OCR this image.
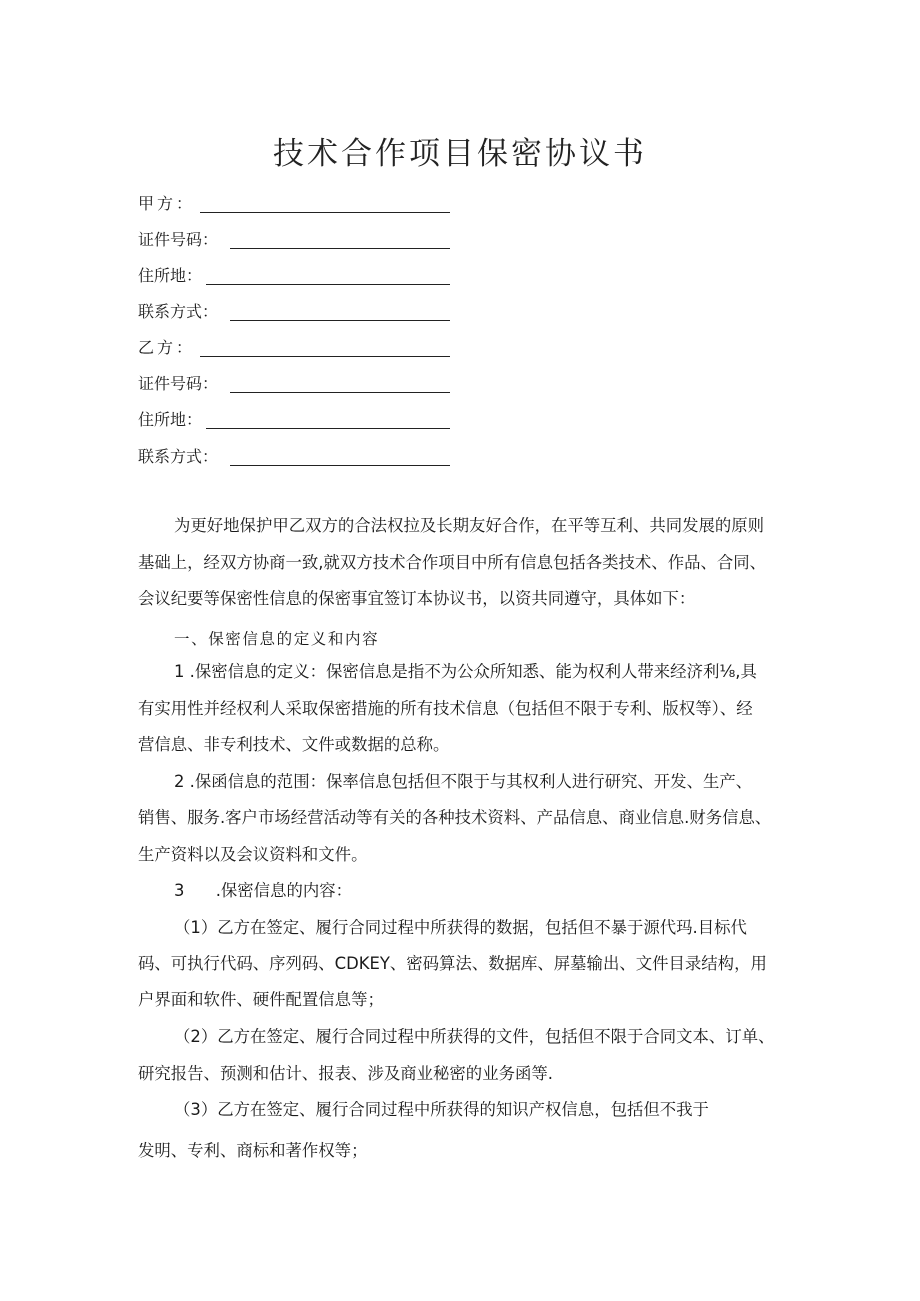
技术合作项目保密协议书
甲方：
证件号码：
住所地：
联系方式：
乙方：
证件号码：
住所地：
联系方式：
为更好地保护甲乙双方的合法权拉及长期友好合作，在平等互利、共同发展的原则
基础上，经双方协商一致,就双方技术合作项目中所有信息包括各类技术、作品、合同、
会议纪要等保密性信息的保密事宜签订本协议书，以资共同遵守，具体如下：
一、保密信息的定义和内容
1 .保密信息的定义：保密信息是指不为公众所知悉、能为权利人带来经济利⅛,具
有实用性并经权利人采取保密措施的所有技术信息（包括但不限于专利、版权等）、经
营信息、非专利技术、文件或数据的总称。
2 .保函信息的范围：保率信息包括但不限于与其权利人进行研究、开发、生产、
销售、服务.客户市场经营活动等有关的各种技术资料、产品信息、商业信息.财务信息、
生产资料以及会议资料和文件。
3      .保密信息的内容：
（1）乙方在签定、履行合同过程中所获得的数据，包括但不暴于源代玛.目标代
码、可执行代码、序列码、CDKEY、密码算法、数据库、屏墓输出、文件目录结构，用
户界面和软件、硬件配置信息等；
（2）乙方在签定、履行合同过程中所获得的文件，包括但不限于合同文本、订单、
研究报告、预测和估计、报表、涉及商业秘密的业务函等.
（3）乙方在签定、履行合同过程中所获得的知识产权信息，包括但不我于
发明、专利、商标和著作权等；
